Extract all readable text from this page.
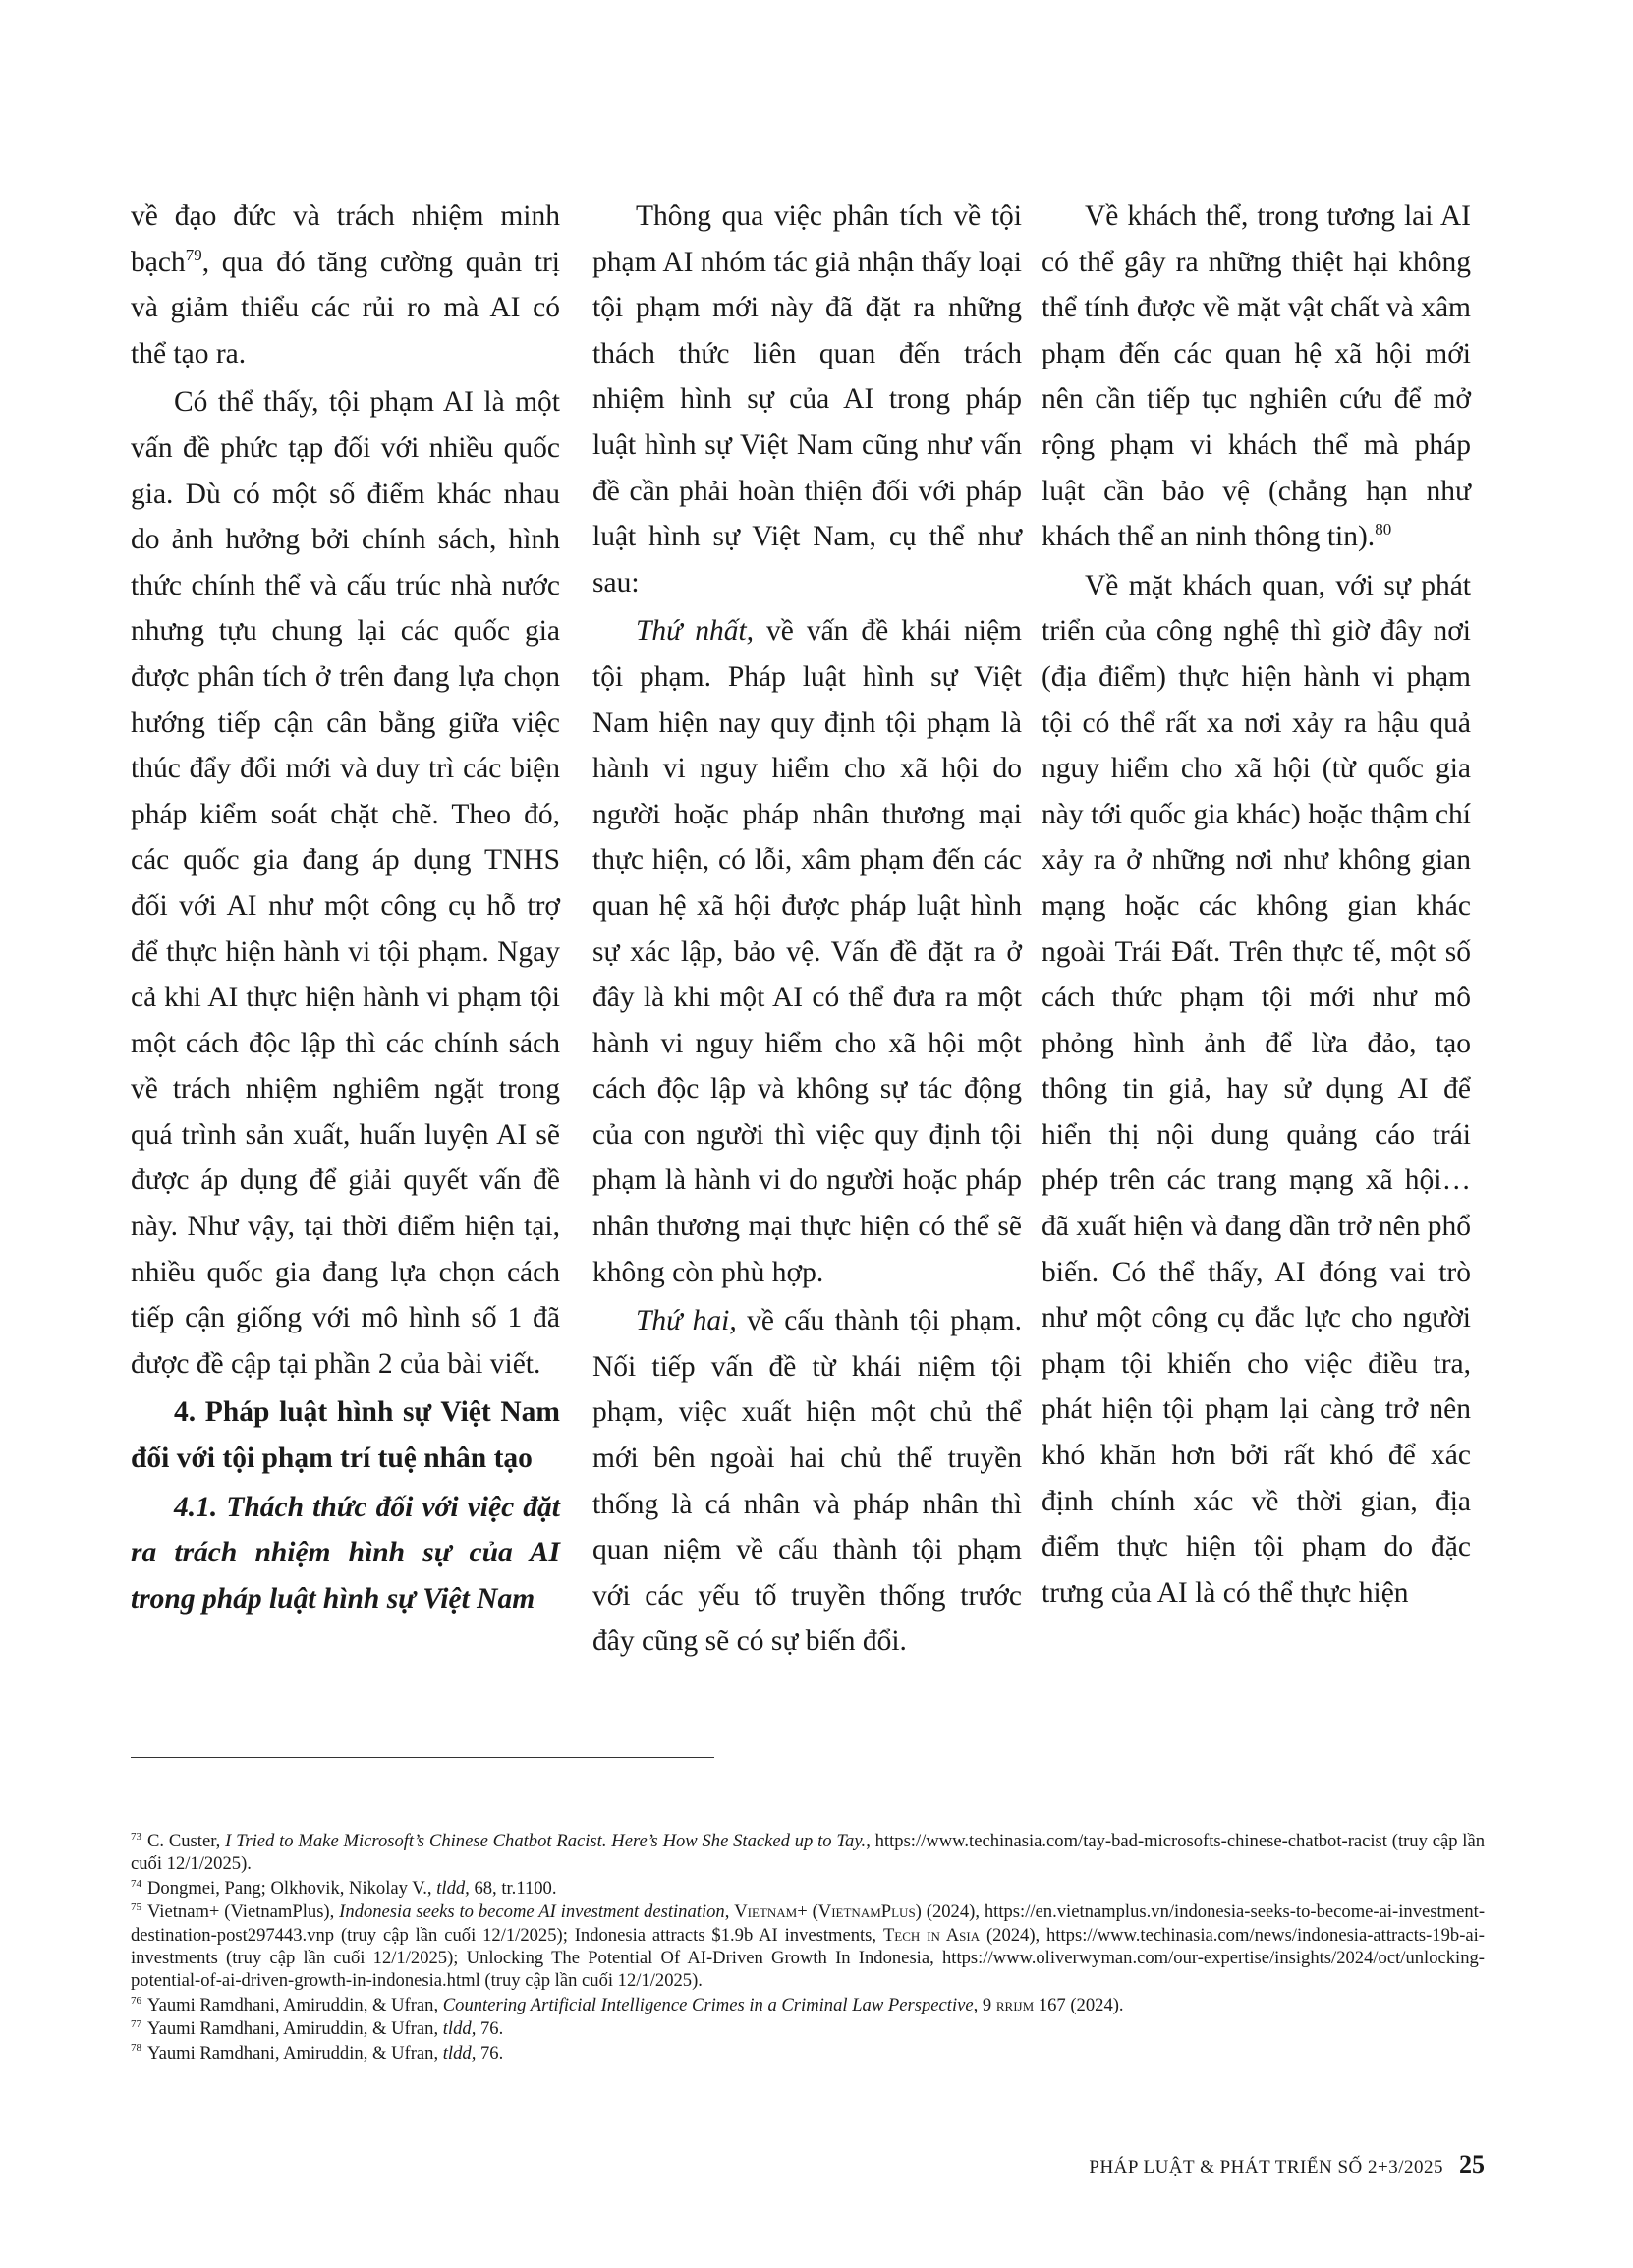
về đạo đức và trách nhiệm minh bạch$^{79}$, qua đó tăng cường quản trị và giảm thiểu các rủi ro mà AI có thể tạo ra.

Có thể thấy, tội phạm AI là một vấn đề phức tạp đối với nhiều quốc gia. Dù có một số điểm khác nhau do ảnh hưởng bởi chính sách, hình thức chính thể và cấu trúc nhà nước nhưng tựu chung lại các quốc gia được phân tích ở trên đang lựa chọn hướng tiếp cận cân bằng giữa việc thúc đẩy đổi mới và duy trì các biện pháp kiểm soát chặt chẽ. Theo đó, các quốc gia đang áp dụng TNHS đối với AI như một công cụ hỗ trợ để thực hiện hành vi tội phạm. Ngay cả khi AI thực hiện hành vi phạm tội một cách độc lập thì các chính sách về trách nhiệm nghiêm ngặt trong quá trình sản xuất, huấn luyện AI sẽ được áp dụng để giải quyết vấn đề này. Như vậy, tại thời điểm hiện tại, nhiều quốc gia đang lựa chọn cách tiếp cận giống với mô hình số 1 đã được đề cập tại phần 2 của bài viết.

4. Pháp luật hình sự Việt Nam đối với tội phạm trí tuệ nhân tạo

4.1. Thách thức đối với việc đặt ra trách nhiệm hình sự của AI trong pháp luật hình sự Việt Nam

Thông qua việc phân tích về tội phạm AI nhóm tác giả nhận thấy loại tội phạm mới này đã đặt ra những thách thức liên quan đến trách nhiệm hình sự của AI trong pháp luật hình sự Việt Nam cũng như vấn đề cần phải hoàn thiện đối với pháp luật hình sự Việt Nam, cụ thể như sau:

Thứ nhất, về vấn đề khái niệm tội phạm. Pháp luật hình sự Việt Nam hiện nay quy định tội phạm là hành vi nguy hiểm cho xã hội do người hoặc pháp nhân thương mại thực hiện, có lỗi, xâm phạm đến các quan hệ xã hội được pháp luật hình sự xác lập, bảo vệ. Vấn đề đặt ra ở đây là khi một AI có thể đưa ra một hành vi nguy hiểm cho xã hội một cách độc lập và không sự tác động của con người thì việc quy định tội phạm là hành vi do người hoặc pháp nhân thương mại thực hiện có thể sẽ không còn phù hợp.

Thứ hai, về cấu thành tội phạm. Nối tiếp vấn đề từ khái niệm tội phạm, việc xuất hiện một chủ thể mới bên ngoài hai chủ thể truyền thống là cá nhân và pháp nhân thì quan niệm về cấu thành tội phạm với các yếu tố truyền thống trước đây cũng sẽ có sự biến đổi.

Về khách thể, trong tương lai AI có thể gây ra những thiệt hại không thể tính được về mặt vật chất và xâm phạm đến các quan hệ xã hội mới nên cần tiếp tục nghiên cứu để mở rộng phạm vi khách thể mà pháp luật cần bảo vệ (chẳng hạn như khách thể an ninh thông tin).$^{80}$

Về mặt khách quan, với sự phát triển của công nghệ thì giờ đây nơi (địa điểm) thực hiện hành vi phạm tội có thể rất xa nơi xảy ra hậu quả nguy hiểm cho xã hội (từ quốc gia này tới quốc gia khác) hoặc thậm chí xảy ra ở những nơi như không gian mạng hoặc các không gian khác ngoài Trái Đất. Trên thực tế, một số cách thức phạm tội mới như mô phỏng hình ảnh để lừa đảo, tạo thông tin giả, hay sử dụng AI để hiển thị nội dung quảng cáo trái phép trên các trang mạng xã hội… đã xuất hiện và đang dần trở nên phổ biến. Có thể thấy, AI đóng vai trò như một công cụ đắc lực cho người phạm tội khiến cho việc điều tra, phát hiện tội phạm lại càng trở nên khó khăn hơn bởi rất khó để xác định chính xác về thời gian, địa điểm thực hiện tội phạm do đặc trưng của AI là có thể thực hiện

$^{73}$ C. Custer, I Tried to Make Microsoft’s Chinese Chatbot Racist. Here’s How She Stacked up to Tay., https://www.techinasia.com/tay-bad-microsofts-chinese-chatbot-racist (truy cập lần cuối 12/1/2025).
$^{74}$ Dongmei, Pang; Olkhovik, Nikolay V., tldd, 68, tr.1100.
$^{75}$ Vietnam+ (VietnamPlus), Indonesia seeks to become AI investment destination, Vietnam+ (VietnamPlus) (2024), https://en.vietnamplus.vn/indonesia-seeks-to-become-ai-investment-destination-post297443.vnp (truy cập lần cuối 12/1/2025); Indonesia attracts $1.9b AI investments, Tech in Asia (2024), https://www.techinasia.com/news/indonesia-attracts-19b-ai-investments (truy cập lần cuối 12/1/2025); Unlocking The Potential Of AI-Driven Growth In Indonesia, https://www.oliverwyman.com/our-expertise/insights/2024/oct/unlocking-potential-of-ai-driven-growth-in-indonesia.html (truy cập lần cuối 12/1/2025).
$^{76}$ Yaumi Ramdhani, Amiruddin, & Ufran, Countering Artificial Intelligence Crimes in a Criminal Law Perspective, 9 rrijm 167 (2024).
$^{77}$ Yaumi Ramdhani, Amiruddin, & Ufran, tldd, 76.
$^{78}$ Yaumi Ramdhani, Amiruddin, & Ufran, tldd, 76.
PHÁP LUẬT & PHÁT TRIỂN SỐ 2+3/2025 25
